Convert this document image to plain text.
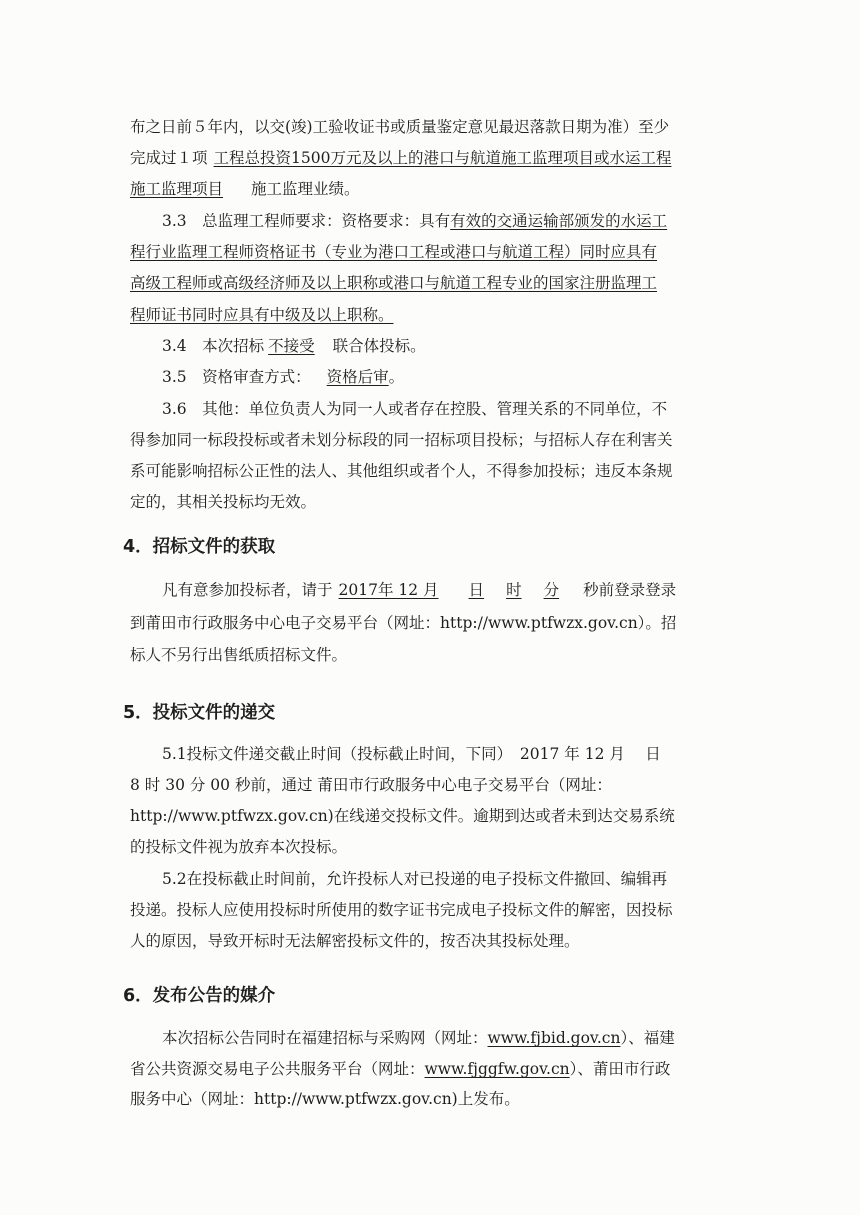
布之日前５年内，以交(竣)工验收证书或质量鉴定意见最迟落款日期为准）至少
完成过１项 工程总投资1500万元及以上的港口与航道施工监理项目或水运工程
施工监理项目 施工监理业绩。
3.3　总监理工程师要求：资格要求：具有有效的交通运输部颁发的水运工
程行业监理工程师资格证书（专业为港口工程或港口与航道工程）同时应具有
高级工程师或高级经济师及以上职称或港口与航道工程专业的国家注册监理工
程师证书同时应具有中级及以上职称。
3.4　本次招标 不接受 联合体投标。
3.5　资格审查方式： 资格后审。
3.6　其他：单位负责人为同一人或者存在控股、管理关系的不同单位，不
得参加同一标段投标或者未划分标段的同一招标项目投标；与招标人存在利害关
系可能影响招标公正性的法人、其他组织或者个人，不得参加投标；违反本条规
定的，其相关投标均无效。
4．招标文件的获取
凡有意参加投标者，请于 2017年 12 月 日 时 分 秒前登录登录
到莆田市行政服务中心电子交易平台（网址：http://www.ptfwzx.gov.cn）。招
标人不另行出售纸质招标文件。
5．投标文件的递交
5.1投标文件递交截止时间（投标截止时间，下同）　2017 年 12 月　 日
8 时 30 分 00 秒前，通过 莆田市行政服务中心电子交易平台（网址：
http://www.ptfwzx.gov.cn)在线递交投标文件。逾期到达或者未到达交易系统
的投标文件视为放弃本次投标。
5.2在投标截止时间前，允许投标人对已投递的电子投标文件撤回、编辑再
投递。投标人应使用投标时所使用的数字证书完成电子投标文件的解密，因投标
人的原因，导致开标时无法解密投标文件的，按否决其投标处理。
6．发布公告的媒介
本次招标公告同时在福建招标与采购网（网址：www.fjbid.gov.cn）、福建
省公共资源交易电子公共服务平台（网址：www.fjggfw.gov.cn）、莆田市行政
服务中心（网址：http://www.ptfwzx.gov.cn)上发布。
